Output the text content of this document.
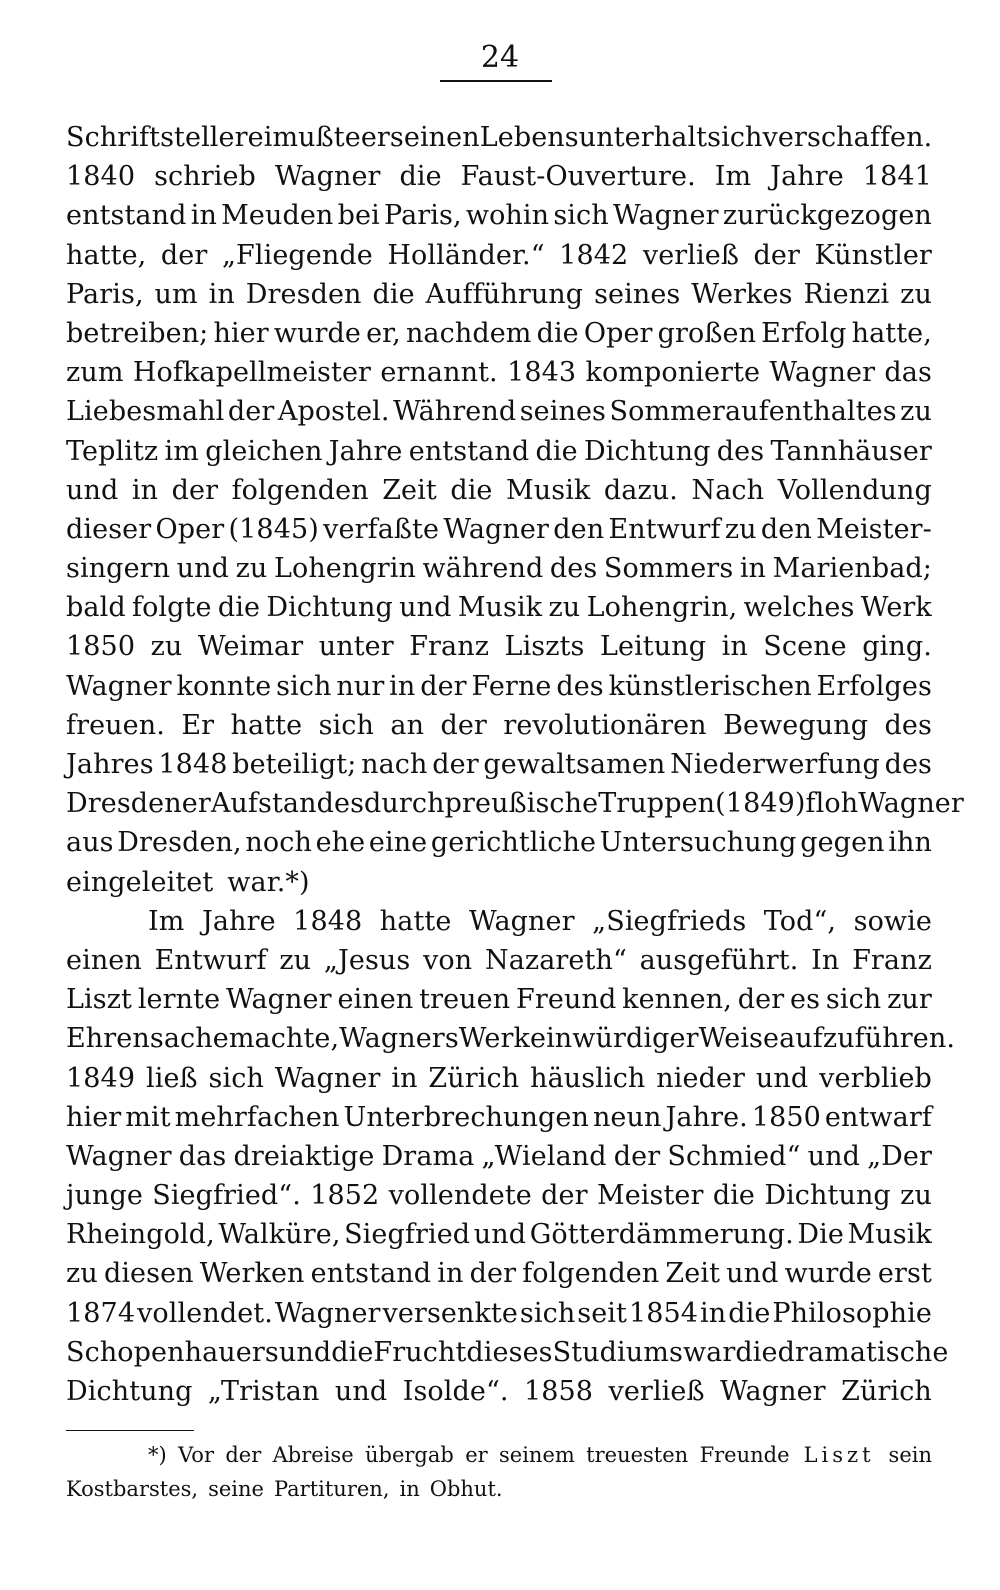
24
Schriftstellerei mußte er seinen Lebensunterhalt sich verschaffen.
1840 schrieb Wagner die Faust-Ouverture. Im Jahre 1841
entstand in Meuden bei Paris, wohin sich Wagner zurückgezogen
hatte, der „Fliegende Holländer.“ 1842 verließ der Künstler
Paris, um in Dresden die Aufführung seines Werkes Rienzi zu
betreiben; hier wurde er, nachdem die Oper großen Erfolg hatte,
zum Hofkapellmeister ernannt. 1843 komponierte Wagner das
Liebesmahl der Apostel. Während seines Sommeraufenthaltes zu
Teplitz im gleichen Jahre entstand die Dichtung des Tannhäuser
und in der folgenden Zeit die Musik dazu. Nach Vollendung
dieser Oper (1845) verfaßte Wagner den Entwurf zu den Meister-
singern und zu Lohengrin während des Sommers in Marienbad;
bald folgte die Dichtung und Musik zu Lohengrin, welches Werk
1850 zu Weimar unter Franz Liszts Leitung in Scene ging.
Wagner konnte sich nur in der Ferne des künstlerischen Erfolges
freuen. Er hatte sich an der revolutionären Bewegung des
Jahres 1848 beteiligt; nach der gewaltsamen Niederwerfung des
Dresdener Aufstandes durch preußische Truppen (1849) floh Wagner
aus Dresden, noch ehe eine gerichtliche Untersuchung gegen ihn
eingeleitet war.*)
Im Jahre 1848 hatte Wagner „Siegfrieds Tod“, sowie
einen Entwurf zu „Jesus von Nazareth“ ausgeführt. In Franz
Liszt lernte Wagner einen treuen Freund kennen, der es sich zur
Ehrensache machte, Wagners Werke in würdiger Weise aufzuführen.
1849 ließ sich Wagner in Zürich häuslich nieder und verblieb
hier mit mehrfachen Unterbrechungen neun Jahre. 1850 entwarf
Wagner das dreiaktige Drama „Wieland der Schmied“ und „Der
junge Siegfried“. 1852 vollendete der Meister die Dichtung zu
Rheingold, Walküre, Siegfried und Götterdämmerung. Die Musik
zu diesen Werken entstand in der folgenden Zeit und wurde erst
1874 vollendet. Wagner versenkte sich seit 1854 in die Philosophie
Schopenhauers und die Frucht dieses Studiums war die dramatische
Dichtung „Tristan und Isolde“. 1858 verließ Wagner Zürich
*) Vor der Abreise übergab er seinem treuesten Freunde Liszt sein
Kostbarstes, seine Partituren, in Obhut.
